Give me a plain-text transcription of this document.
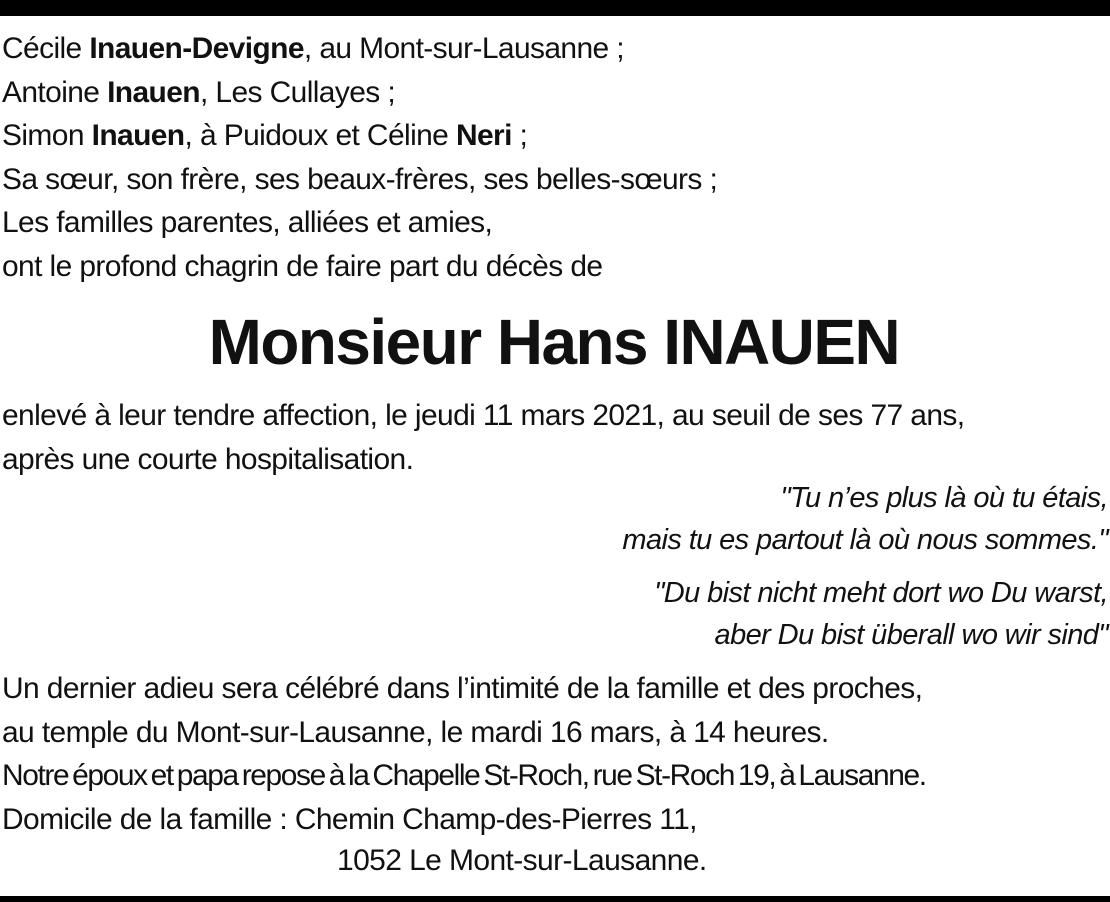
Cécile Inauen-Devigne, au Mont-sur-Lausanne ;
Antoine Inauen, Les Cullayes ;
Simon Inauen, à Puidoux et Céline Neri ;
Sa sœur, son frère, ses beaux-frères, ses belles-sœurs ;
Les familles parentes, alliées et amies,
ont le profond chagrin de faire part du décès de
Monsieur Hans INAUEN
enlevé à leur tendre affection, le jeudi 11 mars 2021, au seuil de ses 77 ans,
après une courte hospitalisation.
"Tu n’es plus là où tu étais,
mais tu es partout là où nous sommes."
"Du bist nicht meht dort wo Du warst,
aber Du bist überall wo wir sind"
Un dernier adieu sera célébré dans l’intimité de la famille et des proches,
au temple du Mont-sur-Lausanne, le mardi 16 mars, à 14 heures.
Notre époux et papa repose à la Chapelle St-Roch, rue St-Roch 19, à Lausanne.
Domicile de la famille : Chemin Champ-des-Pierres 11,
1052 Le Mont-sur-Lausanne.
